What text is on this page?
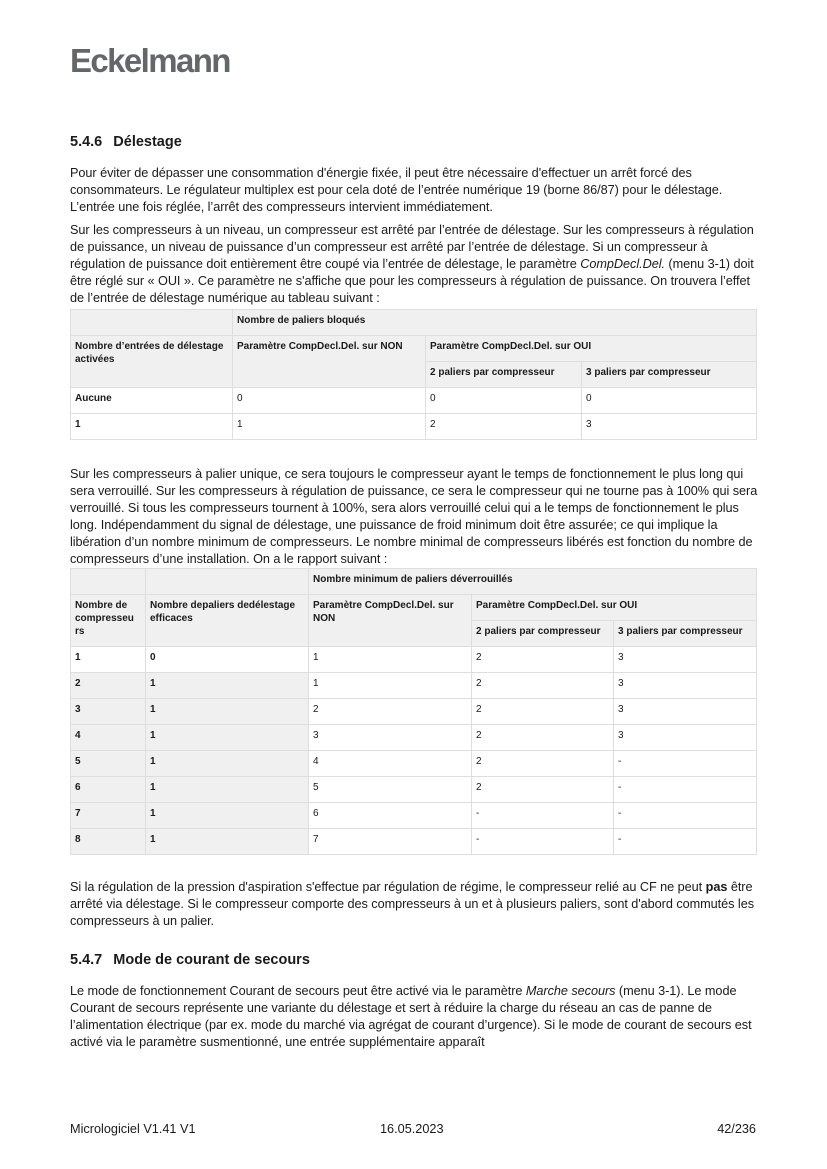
Eckelmann
5.4.6 Délestage

Pour éviter de dépasser une consommation d'énergie fixée, il peut être nécessaire d'effectuer un arrêt forcé des consommateurs. Le régulateur multiplex est pour cela doté de l’entrée numérique 19 (borne 86/87) pour le délestage. L’entrée une fois réglée, l’arrêt des compresseurs intervient immédiatement.

Sur les compresseurs à un niveau, un compresseur est arrêté par l’entrée de délestage. Sur les compresseurs à régulation de puissance, un niveau de puissance d’un compresseur est arrêté par l’entrée de délestage. Si un compresseur à régulation de puissance doit entièrement être coupé via l’entrée de délestage, le paramètre CompDecl.Del. (menu 3-1) doit être réglé sur « OUI ». Ce paramètre ne s'affiche que pour les compresseurs à régulation de puissance. On trouvera l’effet de l’entrée de délestage numérique au tableau suivant :

	Nombre de paliers bloqués		
Nombre d’entrées de délestage activées	Paramètre CompDecl.Del. sur NON	Paramètre CompDecl.Del. sur OUI	
		2 paliers par compresseur	3 paliers par compresseur
Aucune	0	0	0
1	1	2	3

Sur les compresseurs à palier unique, ce sera toujours le compresseur ayant le temps de fonctionnement le plus long qui sera verrouillé. Sur les compresseurs à régulation de puissance, ce sera le compresseur qui ne tourne pas à 100% qui sera verrouillé. Si tous les compresseurs tournent à 100%, sera alors verrouillé celui qui a le temps de fonctionnement le plus long. Indépendamment du signal de délestage, une puissance de froid minimum doit être assurée; ce qui implique la libération d’un nombre minimum de compresseurs. Le nombre minimal de compresseurs libérés est fonction du nombre de compresseurs d’une installation. On a le rapport suivant :

		Nombre minimum de paliers déverrouillés		
Nombre de compresseu rs	Nombre depaliers dedélestage efficaces	Paramètre CompDecl.Del. sur NON	Paramètre CompDecl.Del. sur OUI	
			2 paliers par compresseur	3 paliers par compresseur
1	0	1	2	3
2	1	1	2	3
3	1	2	2	3
4	1	3	2	3
5	1	4	2	-
6	1	5	2	-
7	1	6	-	-
8	1	7	-	-

Si la régulation de la pression d'aspiration s'effectue par régulation de régime, le compresseur relié au CF ne peut pas être arrêté via délestage. Si le compresseur comporte des compresseurs à un et à plusieurs paliers, sont d'abord commutés les compresseurs à un palier.

5.4.7 Mode de courant de secours

Le mode de fonctionnement Courant de secours peut être activé via le paramètre Marche secours (menu 3-1). Le mode Courant de secours représente une variante du délestage et sert à réduire la charge du réseau an cas de panne de l’alimentation électrique (par ex. mode du marché via agrégat de courant d’urgence). Si le mode de courant de secours est activé via le paramètre susmentionné, une entrée supplémentaire apparaît

Micrologiciel V1.41 V1	16.05.2023	42/236
